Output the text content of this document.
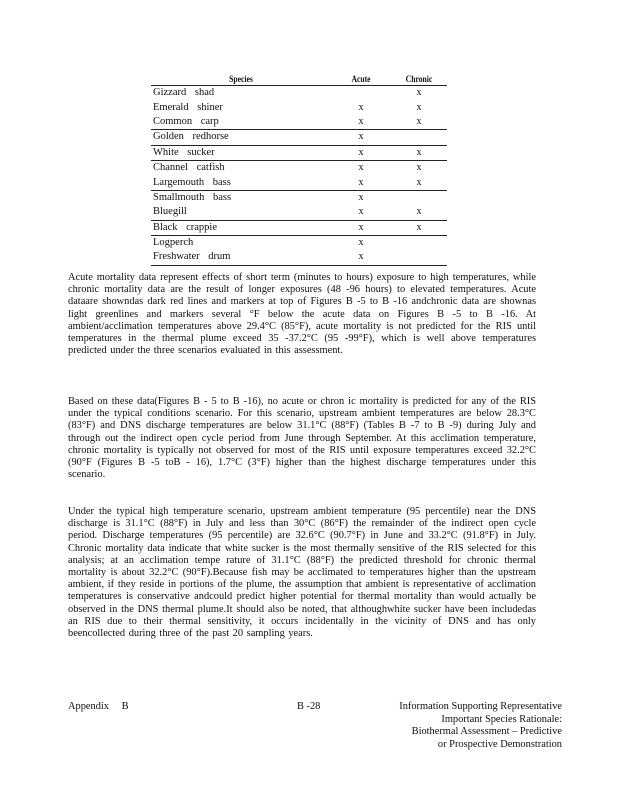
Species	Acute	Chronic
Gizzard shad		x
Emerald shiner	x	x
Common carp	x	x
Golden redhorse	x	
White sucker	x	x
Channel catfish	x	x
Largemouth bass	x	x
Smallmouth bass	x	
Bluegill	x	x
Black crappie	x	x
Logperch	x	
Freshwater drum	x	

Acute mortality data represent effects of short term (minutes to hours) exposure to high temperatures, while chronic mortality data are the result of longer exposures (48 -96 hours) to elevated temperatures. Acute dataare showndas dark red lines and markers at top of Figures B -5 to B -16 andchronic data are shownas light greenlines and markers several °F below the acute data on Figures B -5 to B -16. At ambient/acclimation temperatures above 29.4°C (85°F), acute mortality is not predicted for the RIS until temperatures in the thermal plume exceed 35 -37.2°C (95 -99°F), which is well above temperatures predicted under the three scenarios evaluated in this assessment.

Based on these data(Figures B - 5 to B -16), no acute or chron ic mortality is predicted for any of the RIS under the typical conditions scenario. For this scenario, upstream ambient temperatures are below 28.3°C (83°F) and DNS discharge temperatures are below 31.1°C (88°F) (Tables B -7 to B -9) during July and through out the indirect open cycle period from June through September. At this acclimation temperature, chronic mortality is typically not observed for most of the RIS until exposure temperatures exceed 32.2°C (90°F (Figures B -5 toB - 16), 1.7°C (3°F) higher than the highest discharge temperatures under this scenario.

Under the typical high temperature scenario, upstream ambient temperature (95 percentile) near the DNS discharge is 31.1°C (88°F) in July and less than 30°C (86°F) the remainder of the indirect open cycle period. Discharge temperatures (95 percentile) are 32.6°C (90.7°F) in June and 33.2°C (91.8°F) in July. Chronic mortality data indicate that white sucker is the most thermally sensitive of the RIS selected for this analysis; at an acclimation tempe rature of 31.1°C (88°F) the predicted threshold for chronic thermal mortality is about 32.2°C (90°F).Because fish may be acclimated to temperatures higher than the upstream ambient, if they reside in portions of the plume, the assumption that ambient is representative of acclimation temperatures is conservative andcould predict higher potential for thermal mortality than would actually be observed in the DNS thermal plume.It should also be noted, that althoughwhite sucker have been includedas an RIS due to their thermal sensitivity, it occurs incidentally in the vicinity of DNS and has only beencollected during three of the past 20 sampling years.

Appendix B	B -28	Information Supporting Representative
Important Species Rationale:
Biothermal Assessment – Predictive
or Prospective Demonstration
